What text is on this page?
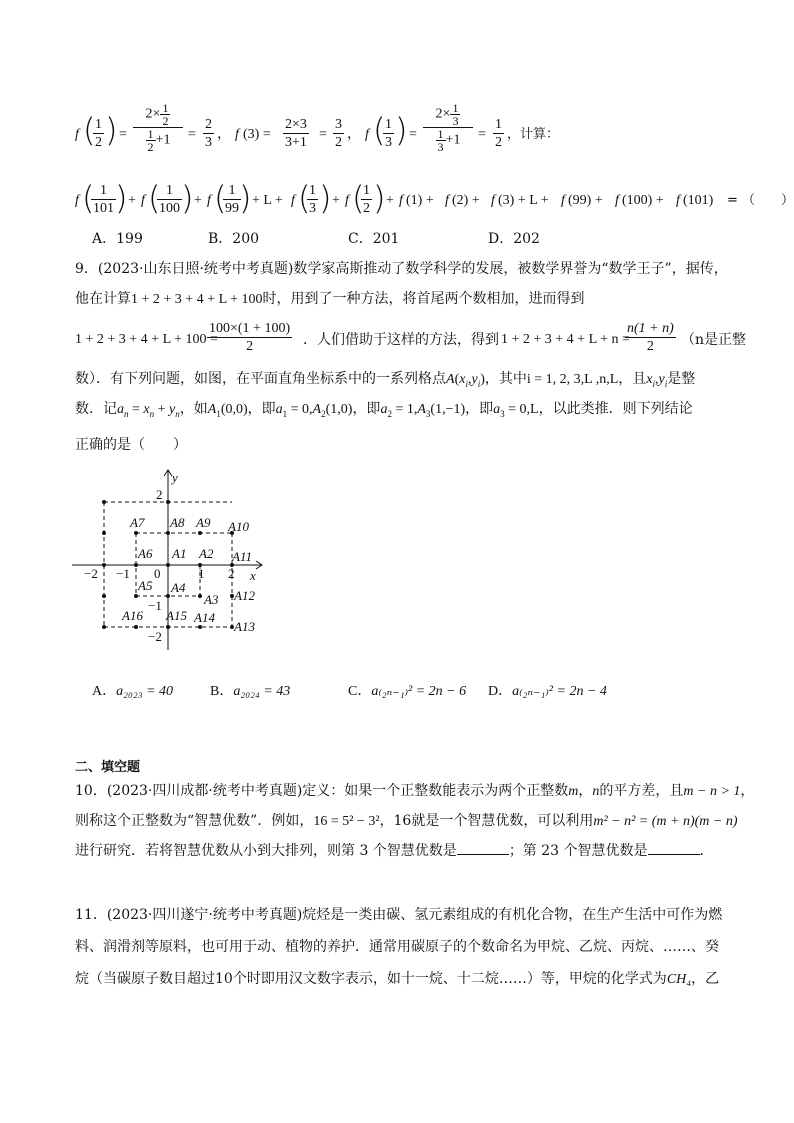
f (
$\frac{1}{2}$ ) =
$2\times \frac{1}{2}$
$\frac{1}{2} +1$	= $\frac{2}{3}$ ， f $(3) = \frac{2\times 3}{3+1} = \frac{3}{2}$ ， f (
$\frac{1}{3}$ ) =
$2\times \frac{1}{3}$
$\frac{1}{3} +1$	= $\frac{1}{2}$ ，计算：
f (
$\frac{1}{101}$ ) + f (
$\frac{1}{100}$ ) + f (
$\frac{1}{99}$
) + L + f (
$\frac{1}{3}$ ) + f (
$\frac{1}{2}$ ) + f (1) + f (2) + f (3) + L + f (99) + f (100) + f (101) = （　　）
A．199	B．200	C．201	D．202
9．(2023·山东日照·统考中考真题)数学家高斯推动了数学科学的发展，被数学界誉为“数学王子”，据传，
他在计算1 + 2 + 3 + 4 + L + 100时，用到了一种方法，将首尾两个数相加，进而得到
1 + 2 + 3 + 4 + L + 100 =
$\frac{100\times(1 + 100)}{2}$ ．人们借助于这样的方法，得到 1 + 2 + 3 + 4 + L + n =
$\frac{n(1 + n)}{2} (n$是正整
数）．有下列问题，如图，在平面直角坐标系中的一系列格点$A(x_i,y_i)$，其中i = 1, 2, 3,L ,n,L，且$x_i,y_i$是整
数．记$a_n = x_n + y_n$，如$A_1(0,0)$，即$a_1 = 0,A_2(1,0)$，即$a_2 = 1,A_3(1,-1)$，即$a_3 = 0,L$，以此类推．则下列结论
正确的是（　　）
x
y
0
2
1
−1
−2
−1	2
−2
A1 A2
A3
A4
A5
A6
A7 A8 A9 A10
A11
A12
A13
A14
A15
A16
A．a₂₀₂₃ = 40	B．a₂₀₂₄ = 43	C．a₍₂ₙ₋₁₎² = 2n − 6 D．a₍₂ₙ₋₁₎² = 2n − 4
二、填空题
10．(2023·四川成都·统考中考真题)定义：如果一个正整数能表示为两个正整数m，n的平方差，且m − n > 1，
则称这个正整数为“智慧优数”．例如，16 = 5² − 3²，16就是一个智慧优数，可以利用m² − n² = (m + n)(m − n)
进行研究．若将智慧优数从小到大排列，则第 3 个智慧优数是	；第 23 个智慧优数是	．
11．(2023·四川遂宁·统考中考真题)烷烃是一类由碳、氢元素组成的有机化合物，在生产生活中可作为燃
料、润滑剂等原料，也可用于动、植物的养护．通常用碳原子的个数命名为甲烷、乙烷、丙烷、……、癸
烷（当碳原子数目超过10个时即用汉文数字表示，如十一烷、十二烷……）等，甲烷的化学式为CH₄，乙
